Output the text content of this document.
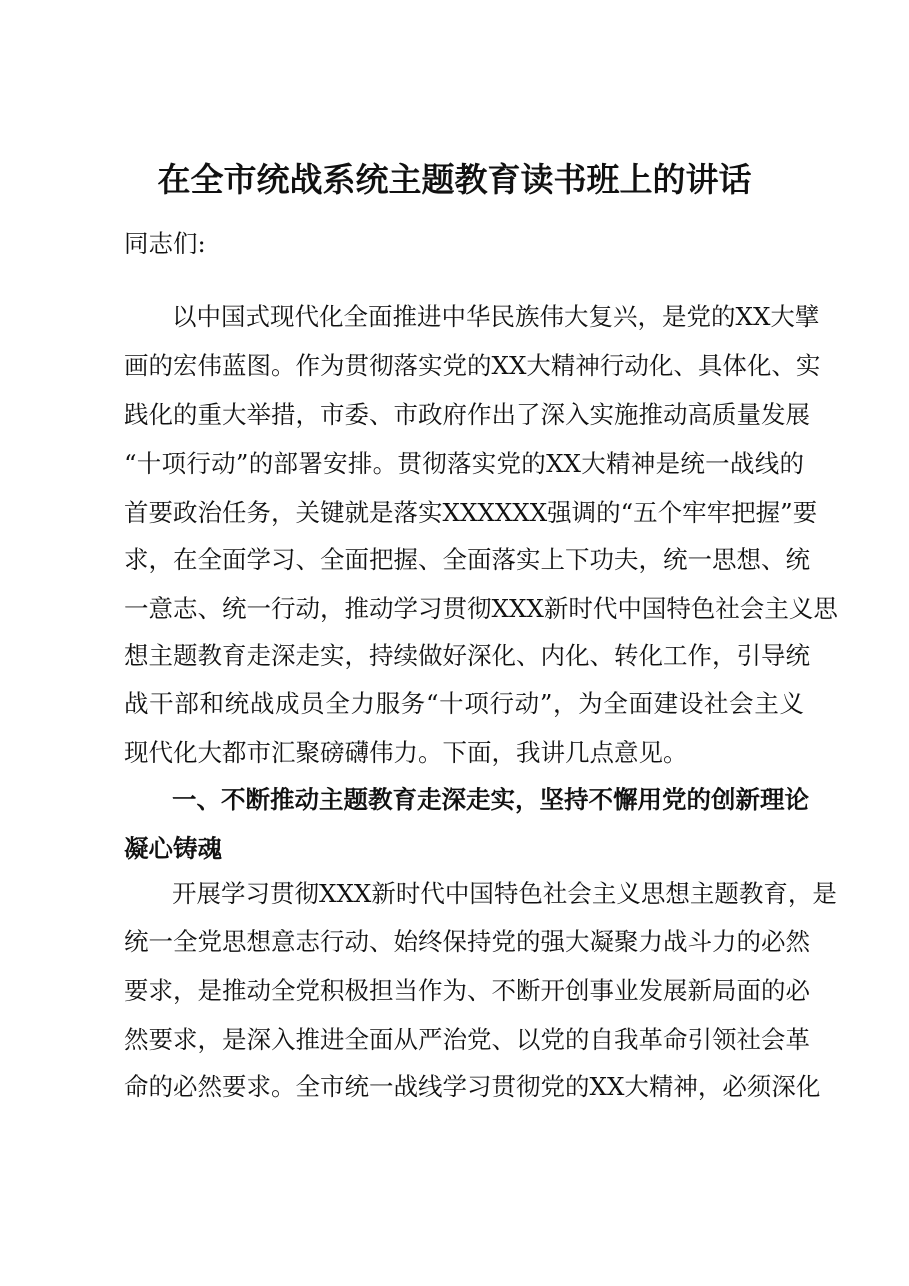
在全市统战系统主题教育读书班上的讲话
同志们:
以中国式现代化全面推进中华民族伟大复兴，是党的XX大擘
画的宏伟蓝图。作为贯彻落实党的XX大精神行动化、具体化、实
践化的重大举措，市委、市政府作出了深入实施推动高质量发展
“十项行动”的部署安排。贯彻落实党的XX大精神是统一战线的
首要政治任务，关键就是落实XXXXXX强调的“五个牢牢把握”要
求，在全面学习、全面把握、全面落实上下功夫，统一思想、统
一意志、统一行动，推动学习贯彻XXX新时代中国特色社会主义思
想主题教育走深走实，持续做好深化、内化、转化工作，引导统
战干部和统战成员全力服务“十项行动”，为全面建设社会主义
现代化大都市汇聚磅礴伟力。下面，我讲几点意见。
一、不断推动主题教育走深走实，坚持不懈用党的创新理论
凝心铸魂
开展学习贯彻XXX新时代中国特色社会主义思想主题教育，是
统一全党思想意志行动、始终保持党的强大凝聚力战斗力的必然
要求，是推动全党积极担当作为、不断开创事业发展新局面的必
然要求，是深入推进全面从严治党、以党的自我革命引领社会革
命的必然要求。全市统一战线学习贯彻党的XX大精神，必须深化
